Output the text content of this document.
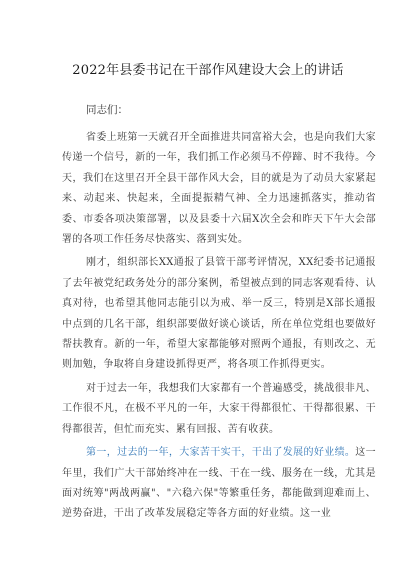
2022年县委书记在干部作风建设大会上的讲话
同志们：

省委上班第一天就召开全面推进共同富裕大会，也是向我们大家传递一个信号，新的一年，我们抓工作必须马不停蹄、时不我待。今天，我们在这里召开全县干部作风大会，目的就是为了动员大家紧起来、动起来、快起来，全面提振精气神、全力迅速抓落实，推动省委、市委各项决策部署，以及县委十六届X次全会和昨天下午大会部署的各项工作任务尽快落实、落到实处。

刚才，组织部长XX通报了县管干部考评情况，XX纪委书记通报了去年被党纪政务处分的部分案例，希望被点到的同志客观看待、认真对待，也希望其他同志能引以为戒、举一反三，特别是X部长通报中点到的几名干部，组织部要做好谈心谈话，所在单位党组也要做好帮扶教育。新的一年，希望大家都能够对照两个通报，有则改之、无则加勉，争取将自身建设抓得更严，将各项工作抓得更实。

对于过去一年，我想我们大家都有一个普遍感受，挑战很非凡、工作很不凡，在极不平凡的一年，大家干得都很忙、干得都很累、干得都很苦，但忙而充实、累有回报、苦有收获。

第一，过去的一年，大家苦干实干，干出了发展的好业绩。这一年里，我们广大干部始终冲在一线、干在一线、服务在一线，尤其是面对统筹"两战两赢"、"六稳六保"等繁重任务，都能做到迎难而上、逆势奋进，干出了改革发展稳定等各方面的好业绩。这一业
